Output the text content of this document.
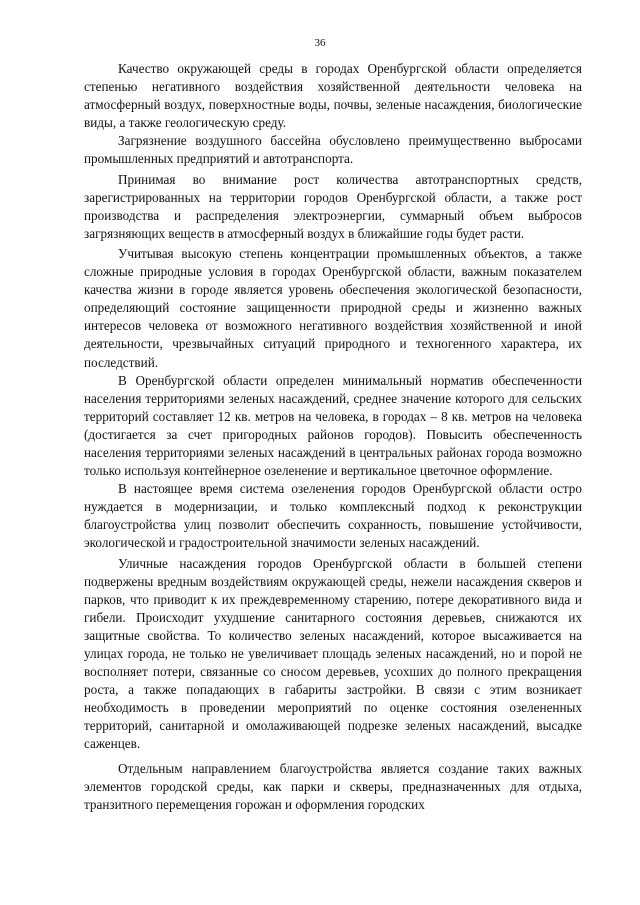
36

Качество окружающей среды в городах Оренбургской области определяется степенью негативного воздействия хозяйственной деятельности человека на атмосферный воздух, поверхностные воды, почвы, зеленые насаждения, биологические виды, а также геологическую среду.

Загрязнение воздушного бассейна обусловлено преимущественно выбросами промышленных предприятий и автотранспорта.

Принимая во внимание рост количества автотранспортных средств, зарегистрированных на территории городов Оренбургской области, а также рост производства и распределения электроэнергии, суммарный объем выбросов загрязняющих веществ в атмосферный воздух в ближайшие годы будет расти.

Учитывая высокую степень концентрации промышленных объектов, а также сложные природные условия в городах Оренбургской области, важным показателем качества жизни в городе является уровень обеспечения экологической безопасности, определяющий состояние защищенности природной среды и жизненно важных интересов человека от возможного негативного воздействия хозяйственной и иной деятельности, чрезвычайных ситуаций природного и техногенного характера, их последствий.

В Оренбургской области определен минимальный норматив обеспеченности населения территориями зеленых насаждений, среднее значение которого для сельских территорий составляет 12 кв. метров на человека, в городах – 8 кв. метров на человека (достигается за счет пригородных районов городов). Повысить обеспеченность населения территориями зеленых насаждений в центральных районах города возможно только используя контейнерное озеленение и вертикальное цветочное оформление.

В настоящее время система озеленения городов Оренбургской области остро нуждается в модернизации, и только комплексный подход к реконструкции благоустройства улиц позволит обеспечить сохранность, повышение устойчивости, экологической и градостроительной значимости зеленых насаждений.

Уличные насаждения городов Оренбургской области в большей степени подвержены вредным воздействиям окружающей среды, нежели насаждения скверов и парков, что приводит к их преждевременному старению, потере декоративного вида и гибели. Происходит ухудшение санитарного состояния деревьев, снижаются их защитные свойства. То количество зеленых насаждений, которое высаживается на улицах города, не только не увеличивает площадь зеленых насаждений, но и порой не восполняет потери, связанные со сносом деревьев, усохших до полного прекращения роста, а также попадающих в габариты застройки. В связи с этим возникает необходимость в проведении мероприятий по оценке состояния озелененных территорий, санитарной и омолаживающей подрезке зеленых насаждений, высадке саженцев.

Отдельным направлением благоустройства является создание таких важных элементов городской среды, как парки и скверы, предназначенных для отдыха, транзитного перемещения горожан и оформления городских
